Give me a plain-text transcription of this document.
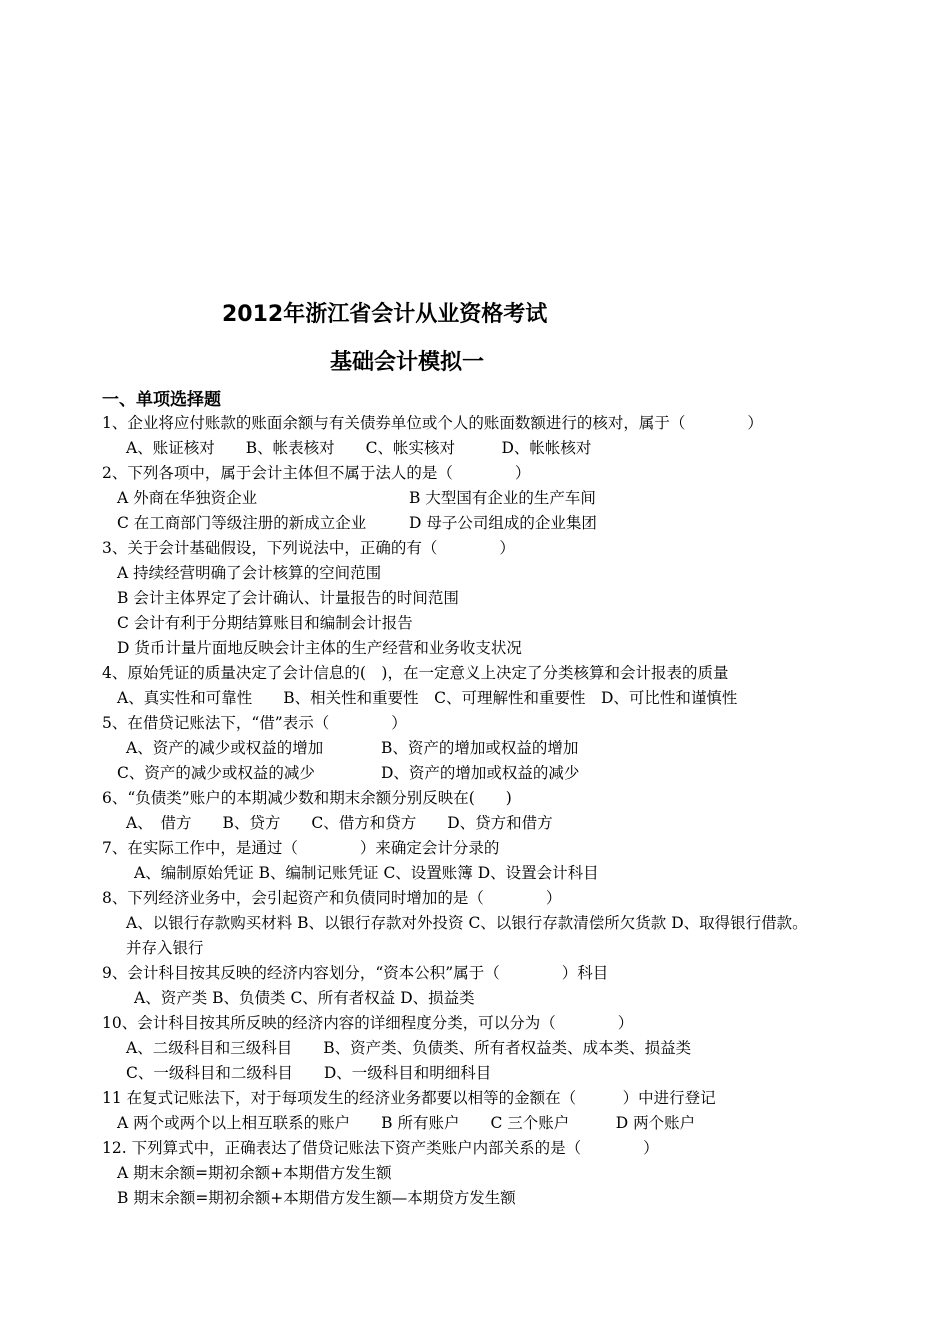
2012年浙江省会计从业资格考试
基础会计模拟一
一、单项选择题
1、企业将应付账款的账面余额与有关债券单位或个人的账面数额进行的核对，属于（　　　　）
A、账证核对　　B、帐表核对　　C、帐实核对　　　D、帐帐核对
2、下列各项中，属于会计主体但不属于法人的是（　　　　）
A 外商在华独资企业	B 大型国有企业的生产车间
C 在工商部门等级注册的新成立企业	D 母子公司组成的企业集团
3、关于会计基础假设，下列说法中，正确的有（　　　　）
A 持续经营明确了会计核算的空间范围
B 会计主体界定了会计确认、计量报告的时间范围
C 会计有利于分期结算账目和编制会计报告
D 货币计量片面地反映会计主体的生产经营和业务收支状况
4、原始凭证的质量决定了会计信息的(　)，在一定意义上决定了分类核算和会计报表的质量
A、真实性和可靠性　　B、相关性和重要性　C、可理解性和重要性　D、可比性和谨慎性
5、在借贷记账法下，“借”表示（　　　　）
A、资产的减少或权益的增加	B、资产的增加或权益的增加
C、资产的减少或权益的减少	D、资产的增加或权益的减少
6、“负债类”账户的本期减少数和期末余额分别反映在(　　)
A、　借方　　B、贷方　　C、借方和贷方　　D、贷方和借方
7、在实际工作中，是通过（　　　　）来确定会计分录的
A、编制原始凭证 B、编制记账凭证 C、设置账簿 D、设置会计科目
8、下列经济业务中，会引起资产和负债同时增加的是（　　　　）
A、以银行存款购买材料 B、以银行存款对外投资 C、以银行存款清偿所欠货款 D、取得银行借款。
并存入银行
9、会计科目按其反映的经济内容划分，“资本公积”属于（　　　　）科目
A、资产类 B、负债类 C、所有者权益 D、损益类
10、会计科目按其所反映的经济内容的详细程度分类，可以分为（　　　　）
A、二级科目和三级科目　　B、资产类、负债类、所有者权益类、成本类、损益类
C、一级科目和二级科目　　D、一级科目和明细科目
11 在复式记账法下，对于每项发生的经济业务都要以相等的金额在（　　　）中进行登记
A 两个或两个以上相互联系的账户　　B 所有账户　　C 三个账户　　　D 两个账户
12. 下列算式中，正确表达了借贷记账法下资产类账户内部关系的是（　　　　）
A 期末余额=期初余额+本期借方发生额
B 期末余额=期初余额+本期借方发生额—本期贷方发生额
